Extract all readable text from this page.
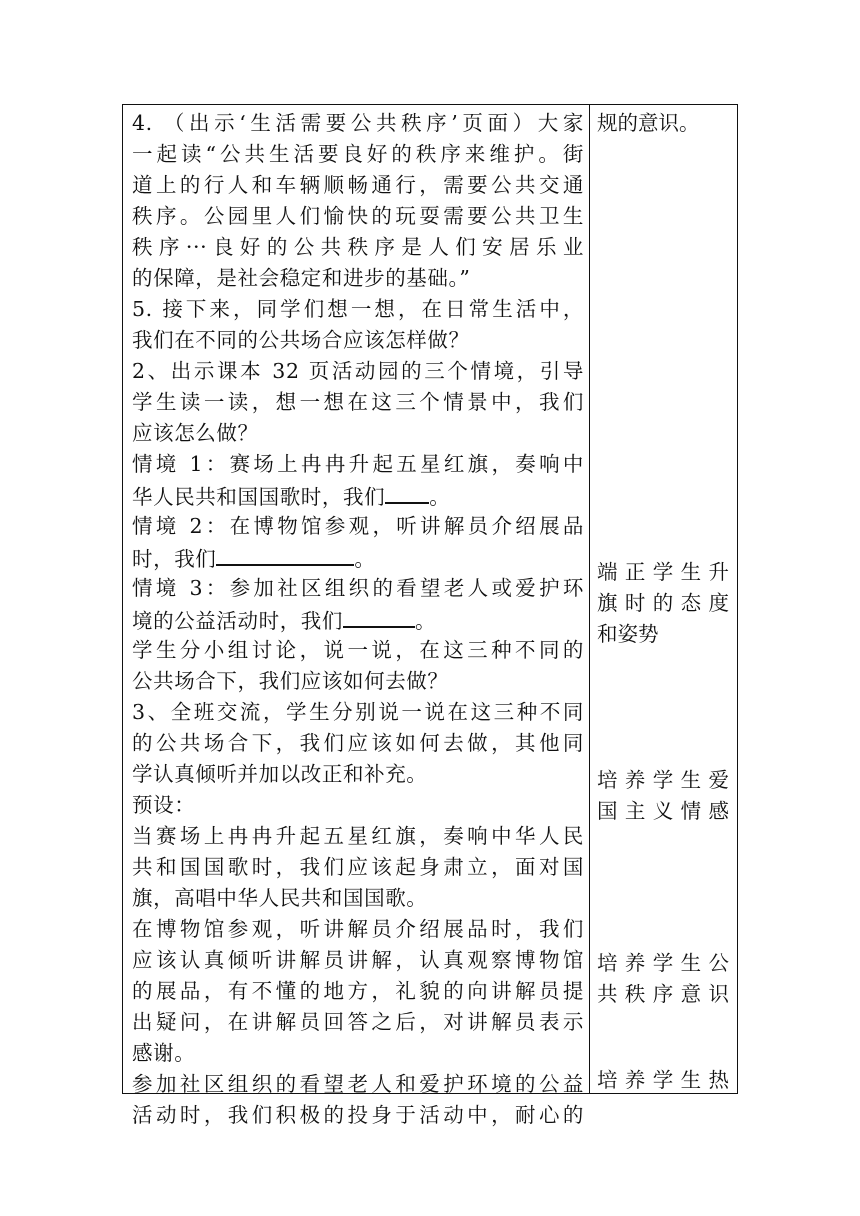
4. （出示‘生活需要公共秩序’页面）大家
一起读“公共生活要良好的秩序来维护。街
道上的行人和车辆顺畅通行，需要公共交通
秩序。公园里人们愉快的玩耍需要公共卫生
秩序···良好的公共秩序是人们安居乐业
的保障，是社会稳定和进步的基础。”
5. 接下来，同学们想一想，在日常生活中，
我们在不同的公共场合应该怎样做？
2、出示课本 32 页活动园的三个情境，引导
学生读一读，想一想在这三个情景中，我们
应该怎么做？
情境 1：赛场上冉冉升起五星红旗，奏响中
华人民共和国国歌时，我们 。
情境 2：在博物馆参观，听讲解员介绍展品
时，我们	。
情境 3：参加社区组织的看望老人或爱护环
境的公益活动时，我们	。
学生分小组讨论，说一说，在这三种不同的
公共场合下，我们应该如何去做？
3、全班交流，学生分别说一说在这三种不同
的公共场合下，我们应该如何去做，其他同
学认真倾听并加以改正和补充。
预设：
当赛场上冉冉升起五星红旗，奏响中华人民
共和国国歌时，我们应该起身肃立，面对国
旗，高唱中华人民共和国国歌。
在博物馆参观，听讲解员介绍展品时，我们
应该认真倾听讲解员讲解，认真观察博物馆
的展品，有不懂的地方，礼貌的向讲解员提
出疑问，在讲解员回答之后，对讲解员表示
感谢。
参加社区组织的看望老人和爱护环境的公益
活动时，我们积极的投身于活动中，耐心的
规的意识。
端正学生升
旗时的态度
和姿势
培养学生爱
国主义情感
培养学生公
共秩序意识
培养学生热
